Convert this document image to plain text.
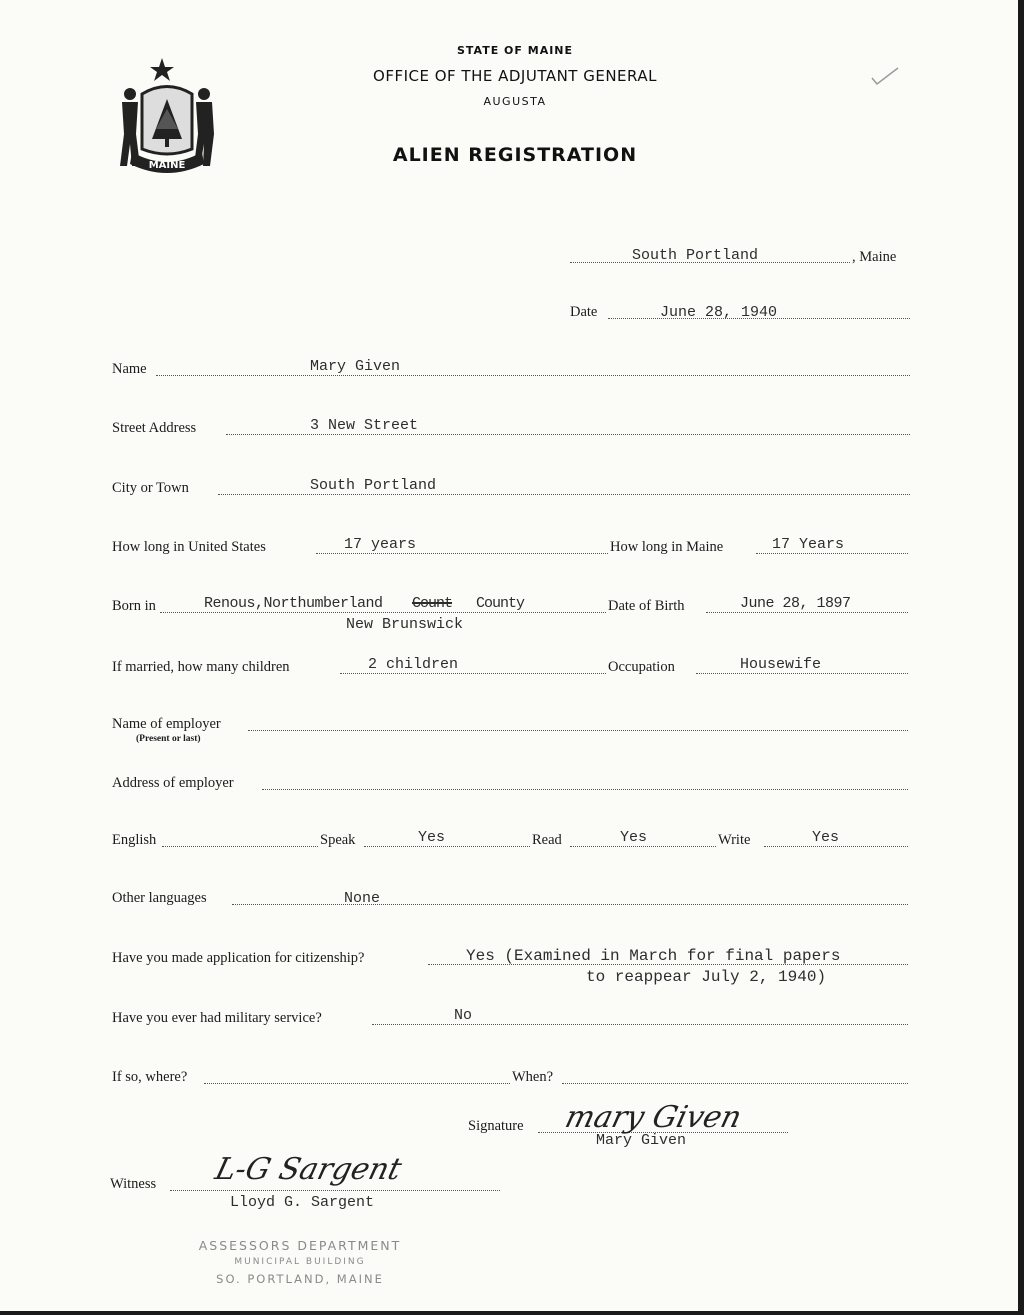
MAINE
STATE OF MAINE
OFFICE OF THE ADJUTANT GENERAL
AUGUSTA
ALIEN REGISTRATION
South Portland	, Maine
Date	June 28, 1940
Name	Mary Given
Street Address	3 New Street
City or Town	South Portland
How long in United States	17 years	How long in Maine	17 Years
Born in	Renous,Northumberland Count County
New Brunswick
Date of Birth	June 28, 1897
If married, how many children	2 children	Occupation	Housewife
Name of employer
(Present or last)
Address of employer
English	Speak	Yes	Read	Yes	Write	Yes
Other languages	None
Have you made application for citizenship?	Yes (Examined in March for final papers
to reappear July 2, 1940)
Have you ever had military service?	No
If so, where?	When?
Signature mary Given
Mary Given
Witness L-G Sargent
Lloyd G. Sargent
ASSESSORS DEPARTMENT
MUNICIPAL BUILDING
SO. PORTLAND, MAINE
